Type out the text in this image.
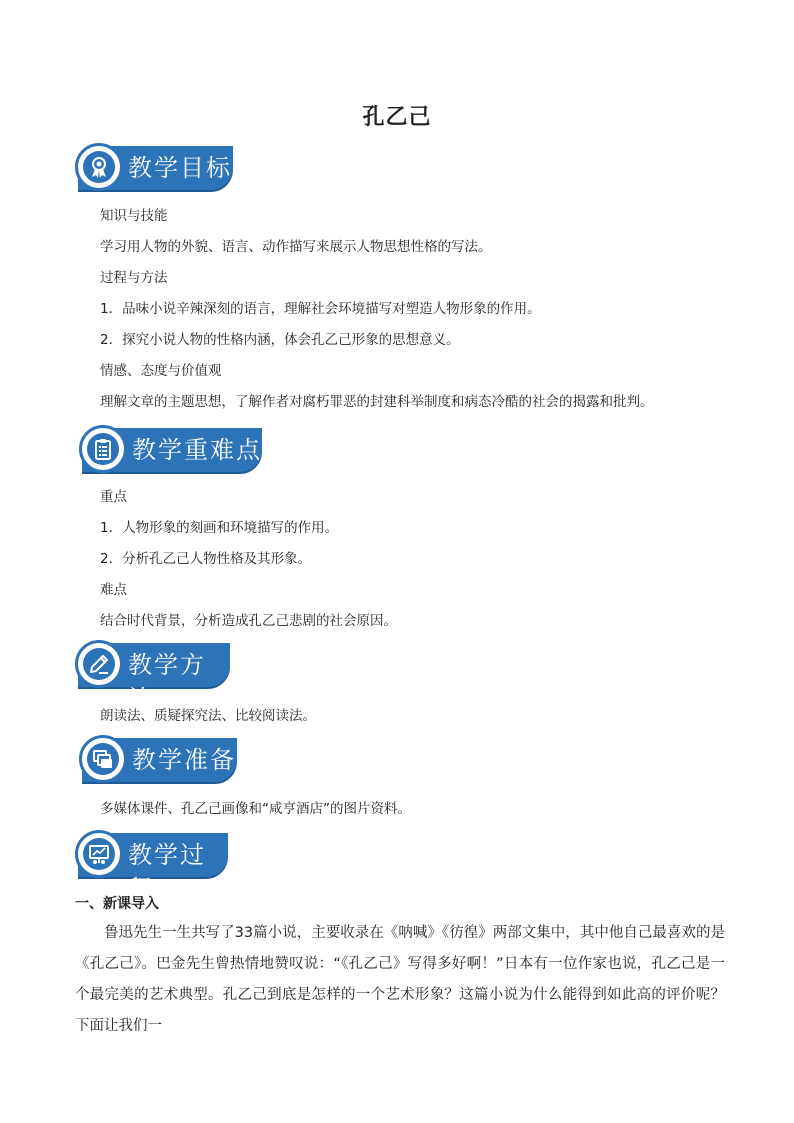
孔乙己
教学目标
知识与技能
学习用人物的外貌、语言、动作描写来展示人物思想性格的写法。
过程与方法
1．品味小说辛辣深刻的语言，理解社会环境描写对塑造人物形象的作用。
2．探究小说人物的性格内涵，体会孔乙己形象的思想意义。
情感、态度与价值观
理解文章的主题思想，了解作者对腐朽罪恶的封建科举制度和病态冷酷的社会的揭露和批判。
教学重难点
重点
1．人物形象的刻画和环境描写的作用。
2．分析孔乙己人物性格及其形象。
难点
结合时代背景，分析造成孔乙己悲剧的社会原因。
教学方法
朗读法、质疑探究法、比较阅读法。
教学准备
多媒体课件、孔乙己画像和“咸亨酒店”的图片资料。
教学过程
一、新课导入
鲁迅先生一生共写了33篇小说，主要收录在《呐喊》《彷徨》两部文集中，其中他自己最喜欢的是《孔乙己》。巴金先生曾热情地赞叹说：“《孔乙己》写得多好啊！”日本有一位作家也说，孔乙己是一个最完美的艺术典型。孔乙己到底是怎样的一个艺术形象？这篇小说为什么能得到如此高的评价呢？下面让我们一
